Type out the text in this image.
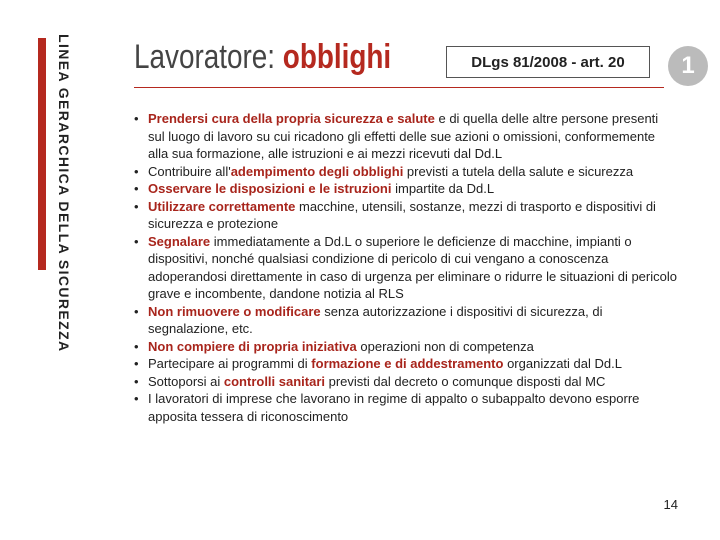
LINEA GERARCHICA DELLA SICUREZZA Lavoratore: obblighi	DLgs 81/2008 - art. 20	1
• Prendersi cura della propria sicurezza e salute e di quella delle altre persone presenti sul luogo di lavoro su cui ricadono gli effetti delle sue azioni o omissioni, conformemente alla sua formazione, alle istruzioni e ai mezzi ricevuti dal Dd.L
• Contribuire all'adempimento degli obblighi previsti a tutela della salute e sicurezza
• Osservare le disposizioni e le istruzioni impartite da Dd.L
• Utilizzare correttamente macchine, utensili, sostanze, mezzi di trasporto e dispositivi di sicurezza e protezione
• Segnalare immediatamente a Dd.L o superiore le deficienze di macchine, impianti o dispositivi, nonché qualsiasi condizione di pericolo di cui vengano a conoscenza adoperandosi direttamente in caso di urgenza per eliminare o ridurre le situazioni di pericolo grave e incombente, dandone notizia al RLS
• Non rimuovere o modificare senza autorizzazione i dispositivi di sicurezza, di segnalazione, etc.
• Non compiere di propria iniziativa operazioni non di competenza
• Partecipare ai programmi di formazione e di addestramento organizzati dal Dd.L
• Sottoporsi ai controlli sanitari previsti dal decreto o comunque disposti dal MC
• I lavoratori di imprese che lavorano in regime di appalto o subappalto devono esporre apposita tessera di riconoscimento
14
